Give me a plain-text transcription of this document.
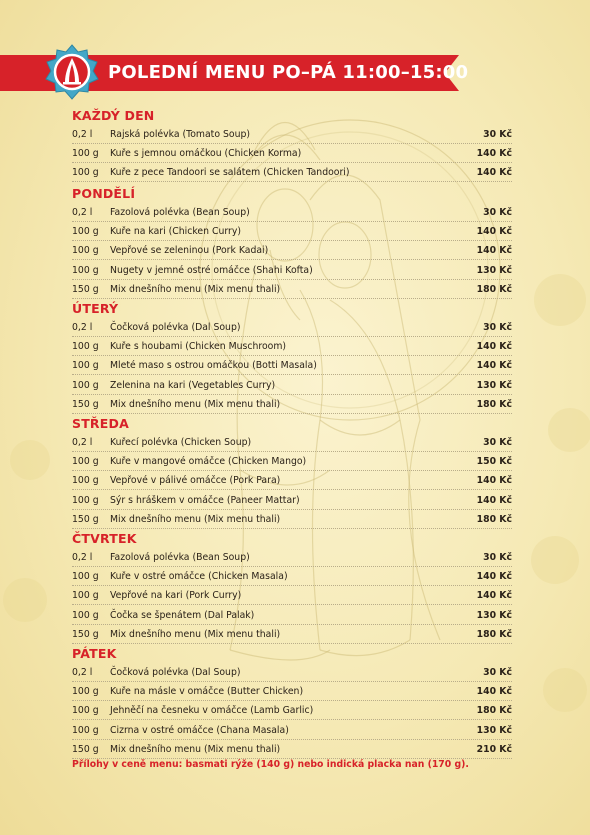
POLEDNÍ MENU PO–PÁ 11:00–15:00
KAŽDÝ DEN
0,2 l Rajská polévka (Tomato Soup)	30 Kč
100 g Kuře s jemnou omáčkou (Chicken Korma)	140 Kč
100 g Kuře z pece Tandoori se salátem (Chicken Tandoori)	140 Kč
PONDĚLÍ
0,2 l Fazolová polévka (Bean Soup)	30 Kč
100 g Kuře na kari (Chicken Curry)	140 Kč
100 g Vepřové se zeleninou (Pork Kadai)	140 Kč
100 g Nugety v jemné ostré omáčce (Shahi Kofta)	130 Kč
150 g Mix dnešního menu (Mix menu thali)	180 Kč
ÚTERÝ
0,2 l Čočková polévka (Dal Soup)	30 Kč
100 g Kuře s houbami (Chicken Muschroom)	140 Kč
100 g Mleté maso s ostrou omáčkou (Botti Masala)	140 Kč
100 g Zelenina na kari (Vegetables Curry)	130 Kč
150 g Mix dnešního menu (Mix menu thali)	180 Kč
STŘEDA
0,2 l Kuřecí polévka (Chicken Soup)	30 Kč
100 g Kuře v mangové omáčce (Chicken Mango)	150 Kč
100 g Vepřové v pálivé omáčce (Pork Para)	140 Kč
100 g Sýr s hráškem v omáčce (Paneer Mattar)	140 Kč
150 g Mix dnešního menu (Mix menu thali)	180 Kč
ČTVRTEK
0,2 l Fazolová polévka (Bean Soup)	30 Kč
100 g Kuře v ostré omáčce (Chicken Masala)	140 Kč
100 g Vepřové na kari (Pork Curry)	140 Kč
100 g Čočka se špenátem (Dal Palak)	130 Kč
150 g Mix dnešního menu (Mix menu thali)	180 Kč
PÁTEK
0,2 l Čočková polévka (Dal Soup)	30 Kč
100 g Kuře na másle v omáčce (Butter Chicken)	140 Kč
100 g Jehněčí na česneku v omáčce (Lamb Garlic)	180 Kč
100 g Cizrna v ostré omáčce (Chana Masala)	130 Kč
150 g Mix dnešního menu (Mix menu thali)	210 Kč
Přílohy v ceně menu: basmati rýže (140 g) nebo indická placka nan (170 g).
